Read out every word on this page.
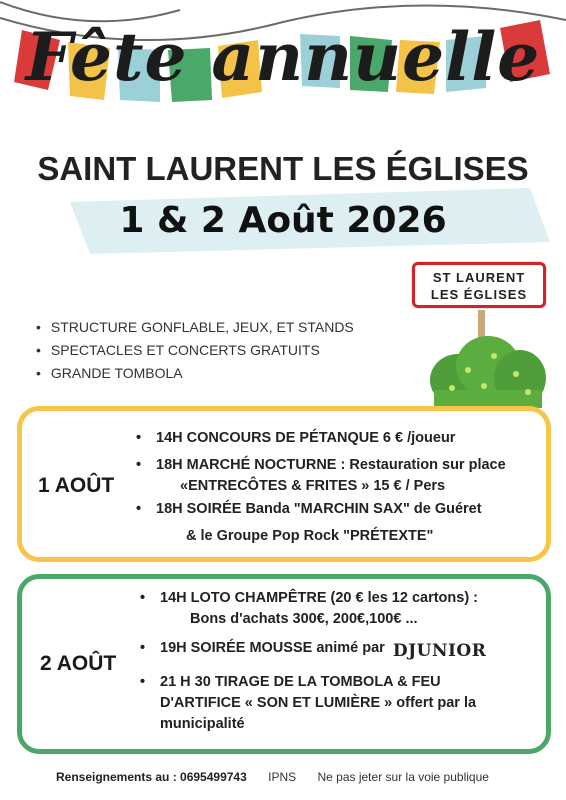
Fête annuelle
SAINT LAURENT LES ÉGLISES
1 & 2 Août 2026
ST LAURENT
LES ÉGLISES
• STRUCTURE GONFLABLE, JEUX, ET STANDS
• SPECTACLES ET CONCERTS GRATUITS
• GRANDE TOMBOLA
1 AOÛT
• 14H CONCOURS DE PÉTANQUE 6 € /joueur
• 18H MARCHÉ NOCTURNE : Restauration sur place
«ENTRECÔTES & FRITES » 15 € / Pers
• 18H SOIRÉE Banda "MARCHIN SAX" de Guéret
& le Groupe Pop Rock "PRÉTEXTE"
2 AOÛT
• 14H LOTO CHAMPÊTRE (20 € les 12 cartons) :
Bons d'achats 300€, 200€,100€ ...
• 19H SOIRÉE MOUSSE animé par DJUNIOR
• 21 H 30 TIRAGE DE LA TOMBOLA & FEU
D'ARTIFICE « SON ET LUMIÈRE » offert par la
municipalité
Renseignements au : 0695499743 IPNS Ne pas jeter sur la voie publique
